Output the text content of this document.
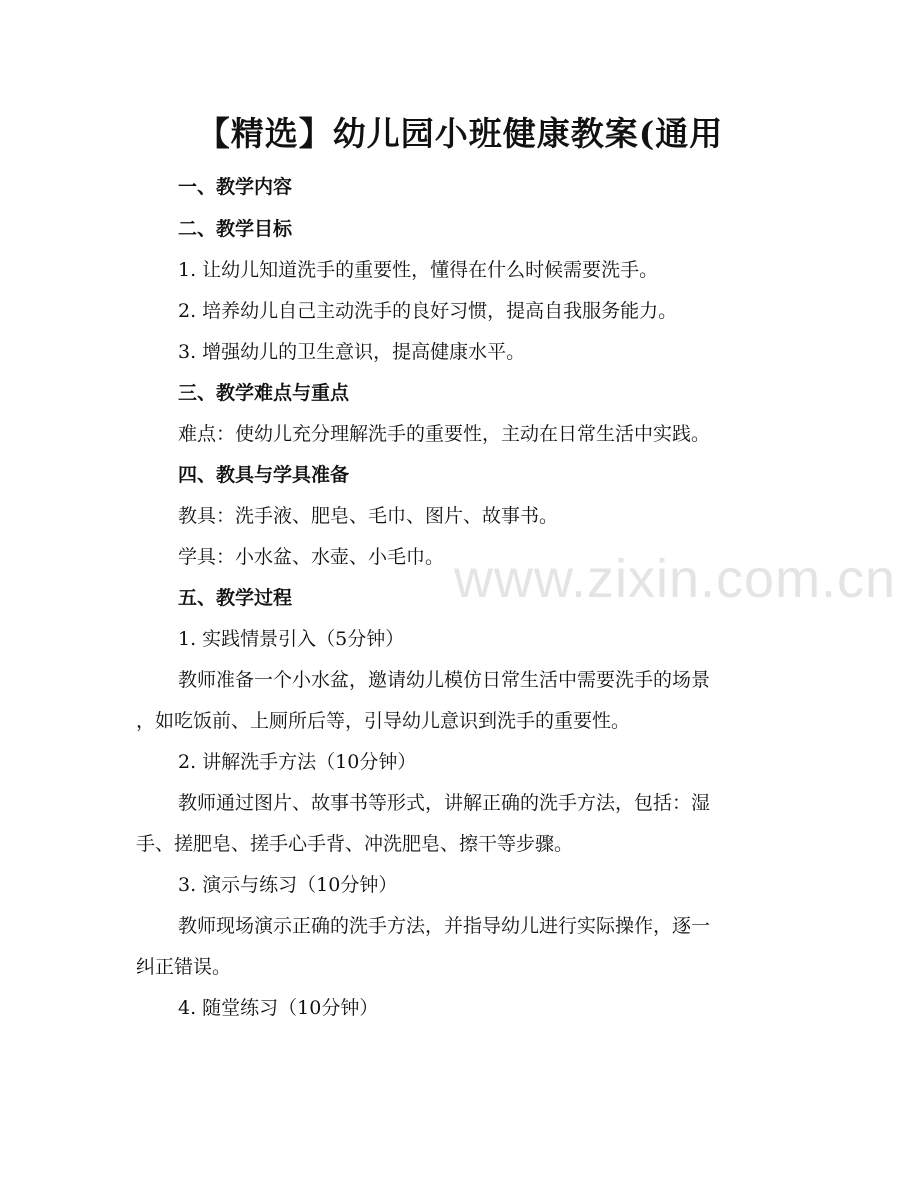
【精选】幼儿园小班健康教案(通用
www.zixin.com.cn
一、教学内容
二、教学目标
1. 让幼儿知道洗手的重要性，懂得在什么时候需要洗手。
2. 培养幼儿自己主动洗手的良好习惯，提高自我服务能力。
3. 增强幼儿的卫生意识，提高健康水平。
三、教学难点与重点
难点：使幼儿充分理解洗手的重要性，主动在日常生活中实践。
四、教具与学具准备
教具：洗手液、肥皂、毛巾、图片、故事书。
学具：小水盆、水壶、小毛巾。
五、教学过程
1. 实践情景引入（5分钟）
教师准备一个小水盆，邀请幼儿模仿日常生活中需要洗手的场景
，如吃饭前、上厕所后等，引导幼儿意识到洗手的重要性。
2. 讲解洗手方法（10分钟）
教师通过图片、故事书等形式，讲解正确的洗手方法，包括：湿
手、搓肥皂、搓手心手背、冲洗肥皂、擦干等步骤。
3. 演示与练习（10分钟）
教师现场演示正确的洗手方法，并指导幼儿进行实际操作，逐一
纠正错误。
4. 随堂练习（10分钟）
